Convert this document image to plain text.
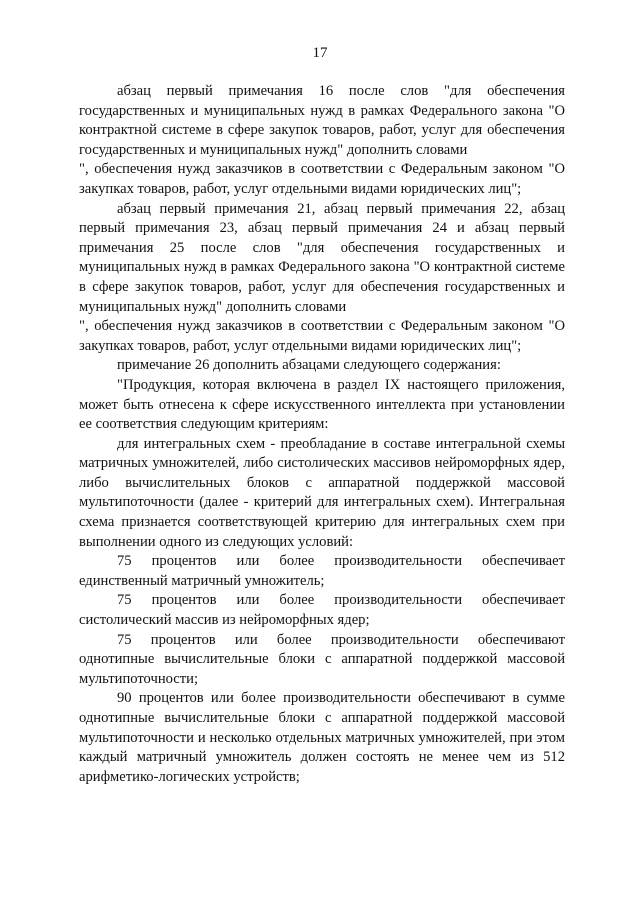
17

абзац первый примечания 16 после слов "для обеспечения государственных и муниципальных нужд в рамках Федерального закона "О контрактной системе в сфере закупок товаров, работ, услуг для обеспечения государственных и муниципальных нужд" дополнить словами
", обеспечения нужд заказчиков в соответствии с Федеральным законом "О закупках товаров, работ, услуг отдельными видами юридических лиц";

абзац первый примечания 21, абзац первый примечания 22, абзац первый примечания 23, абзац первый примечания 24 и абзац первый примечания 25 после слов "для обеспечения государственных и муниципальных нужд в рамках Федерального закона "О контрактной системе в сфере закупок товаров, работ, услуг для обеспечения государственных и муниципальных нужд" дополнить словами
", обеспечения нужд заказчиков в соответствии с Федеральным законом "О закупках товаров, работ, услуг отдельными видами юридических лиц";

примечание 26 дополнить абзацами следующего содержания:

"Продукция, которая включена в раздел IX настоящего приложения, может быть отнесена к сфере искусственного интеллекта при установлении ее соответствия следующим критериям:

для интегральных схем - преобладание в составе интегральной схемы матричных умножителей, либо систолических массивов нейроморфных ядер, либо вычислительных блоков с аппаратной поддержкой массовой мультипоточности (далее - критерий для интегральных схем). Интегральная схема признается соответствующей критерию для интегральных схем при выполнении одного из следующих условий:

75 процентов или более производительности обеспечивает единственный матричный умножитель;

75 процентов или более производительности обеспечивает систолический массив из нейроморфных ядер;

75 процентов или более производительности обеспечивают однотипные вычислительные блоки с аппаратной поддержкой массовой мультипоточности;

90 процентов или более производительности обеспечивают в сумме однотипные вычислительные блоки с аппаратной поддержкой массовой мультипоточности и несколько отдельных матричных умножителей, при этом каждый матричный умножитель должен состоять не менее чем из 512 арифметико-логических устройств;
